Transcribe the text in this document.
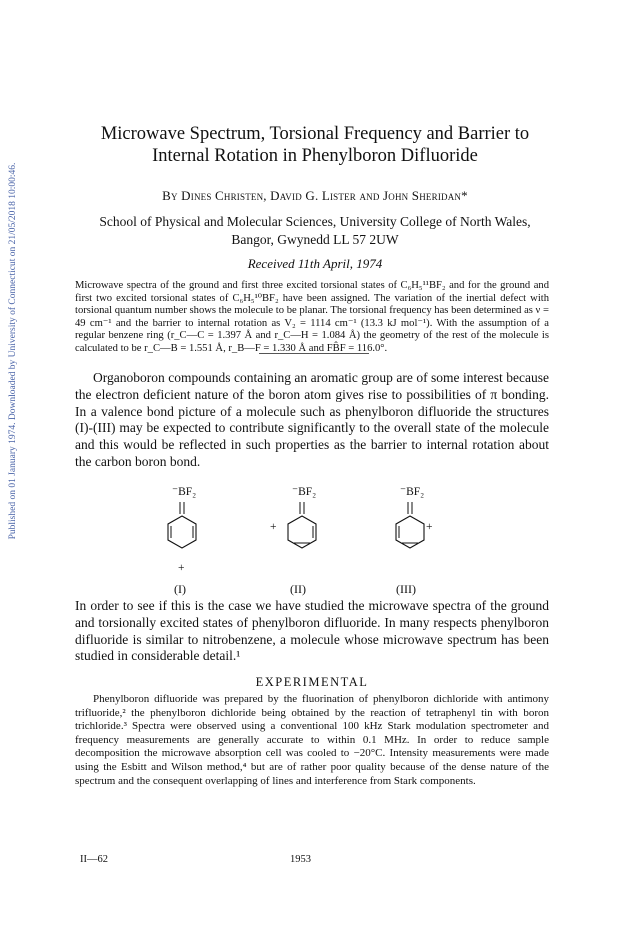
Published on 01 January 1974. Downloaded by University of Connecticut on 21/05/2018 10:00:46.
Microwave Spectrum, Torsional Frequency and Barrier to
Internal Rotation in Phenylboron Difluoride
By Dines Christen, David G. Lister and John Sheridan*
School of Physical and Molecular Sciences, University College of North Wales,
Bangor, Gwynedd LL 57 2UW
Received 11th April, 1974
Microwave spectra of the ground and first three excited torsional states of C₆H₅¹¹BF₂ and for the ground and first two excited torsional states of C₆H₅¹⁰BF₂ have been assigned. The variation of the inertial defect with torsional quantum number shows the molecule to be planar. The torsional frequency has been determined as ν = 49 cm⁻¹ and the barrier to internal rotation as V₂ = 1114 cm⁻¹ (13.3 kJ mol⁻¹). With the assumption of a regular benzene ring (r_C—C = 1.397 Å and r_C—H = 1.084 Å) the geometry of the rest of the molecule is calculated to be r_C—B = 1.551 Å, r_B—F = 1.330 Å and FB̂F = 116.0°.
Organoboron compounds containing an aromatic group are of some interest because the electron deficient nature of the boron atom gives rise to possibilities of π bonding. In a valence bond picture of a molecule such as phenylboron difluoride the structures (I)-(III) may be expected to contribute significantly to the overall state of the molecule and this would be reflected in such properties as the barrier to internal rotation about the carbon boron bond.
⁻BF₂
+
(I)
⁻BF₂
+
(II)
⁻BF₂
+
(III)
In order to see if this is the case we have studied the microwave spectra of the ground and torsionally excited states of phenylboron difluoride. In many respects phenylboron difluoride is similar to nitrobenzene, a molecule whose microwave spectrum has been studied in considerable detail.¹
EXPERIMENTAL
Phenylboron difluoride was prepared by the fluorination of phenylboron dichloride with antimony trifluoride,² the phenylboron dichloride being obtained by the reaction of tetraphenyl tin with boron trichloride.³ Spectra were observed using a conventional 100 kHz Stark modulation spectrometer and frequency measurements are generally accurate to within 0.1 MHz. In order to reduce sample decomposition the microwave absorption cell was cooled to −20°C. Intensity measurements were made using the Esbitt and Wilson method,⁴ but are of rather poor quality because of the dense nature of the spectrum and the consequent overlapping of lines and interference from Stark components.
II—62	1953
